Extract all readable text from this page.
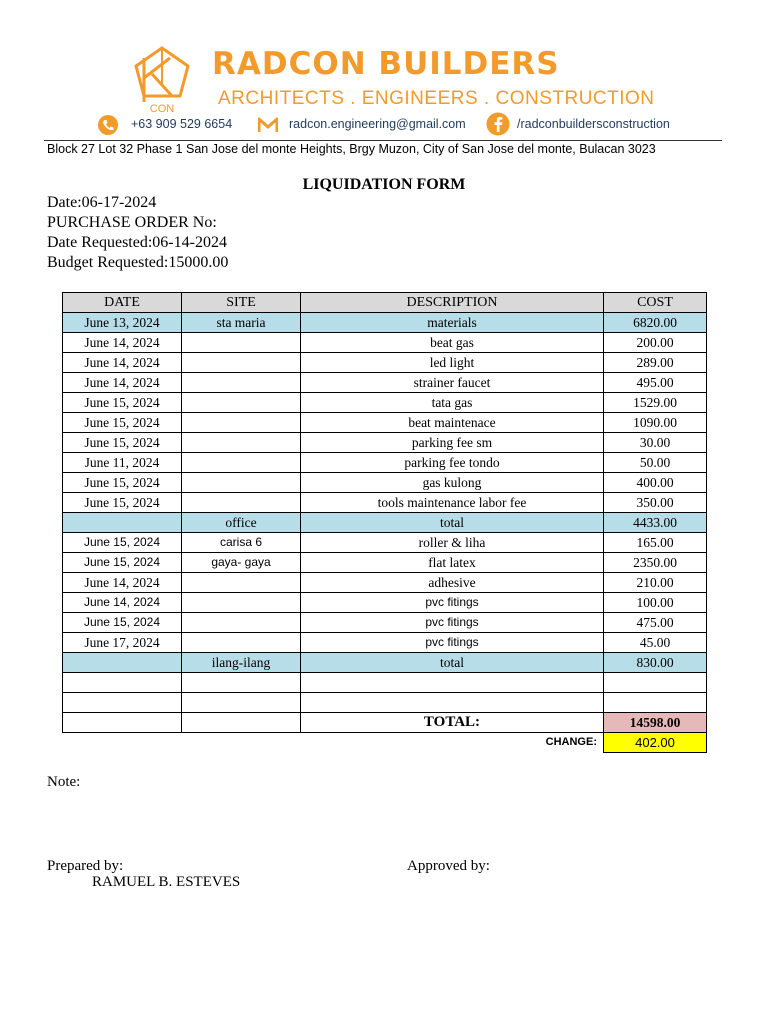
CON
RADCON BUILDERS
ARCHITECTS . ENGINEERS . CONSTRUCTION
+63 909 529 6654	radcon.engineering@gmail.com	/radconbuildersconstruction
Block 27 Lot 32 Phase 1 San Jose del monte Heights, Brgy Muzon, City of San Jose del monte, Bulacan 3023
LIQUIDATION FORM
Date:06-17-2024
PURCHASE ORDER No:
Date Requested:06-14-2024
Budget Requested:15000.00
DATE	SITE	DESCRIPTION	COST
June 13, 2024	sta maria	materials	6820.00
June 14, 2024		beat gas	200.00
June 14, 2024		led light	289.00
June 14, 2024		strainer faucet	495.00
June 15, 2024		tata gas	1529.00
June 15, 2024		beat maintenace	1090.00
June 15, 2024		parking fee sm	30.00
June 11, 2024		parking fee tondo	50.00
June 15, 2024		gas kulong	400.00
June 15, 2024		tools maintenance labor fee	350.00
	office	total	4433.00
June 15, 2024	carisa 6	roller & liha	165.00
June 15, 2024	gaya- gaya	flat latex	2350.00
June 14, 2024		adhesive	210.00
June 14, 2024		pvc fitings	100.00
June 15, 2024		pvc fitings	475.00
June 17, 2024		pvc fitings	45.00
	ilang-ilang	total	830.00

		TOTAL:	14598.00
		CHANGE:	402.00
Note:
Prepared by:
RAMUEL B. ESTEVES
Approved by:
